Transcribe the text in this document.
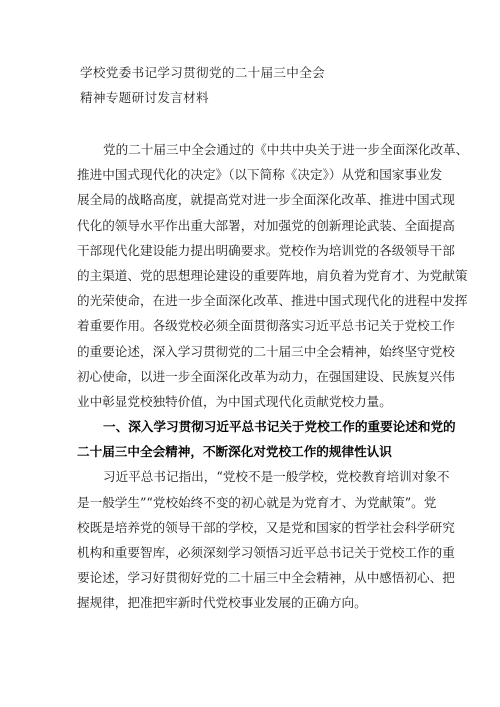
学校党委书记学习贯彻党的二十届三中全会
精神专题研讨发言材料
党的二十届三中全会通过的《中共中央关于进一步全面深化改革、
推进中国式现代化的决定》（以下简称《决定》）从党和国家事业发
展全局的战略高度，就提高党对进一步全面深化改革、推进中国式现
代化的领导水平作出重大部署，对加强党的创新理论武装、全面提高
干部现代化建设能力提出明确要求。党校作为培训党的各级领导干部
的主渠道、党的思想理论建设的重要阵地，肩负着为党育才、为党献策
的光荣使命，在进一步全面深化改革、推进中国式现代化的进程中发挥
着重要作用。各级党校必须全面贯彻落实习近平总书记关于党校工作
的重要论述，深入学习贯彻党的二十届三中全会精神，始终坚守党校
初心使命，以进一步全面深化改革为动力，在强国建设、民族复兴伟
业中彰显党校独特价值，为中国式现代化贡献党校力量。
一、深入学习贯彻习近平总书记关于党校工作的重要论述和党的
二十届三中全会精神，不断深化对党校工作的规律性认识
习近平总书记指出，“党校不是一般学校，党校教育培训对象不
是一般学生”“党校始终不变的初心就是为党育才、为党献策”。党
校既是培养党的领导干部的学校，又是党和国家的哲学社会科学研究
机构和重要智库，必须深刻学习领悟习近平总书记关于党校工作的重
要论述，学习好贯彻好党的二十届三中全会精神，从中感悟初心、把
握规律，把准把牢新时代党校事业发展的正确方向。
